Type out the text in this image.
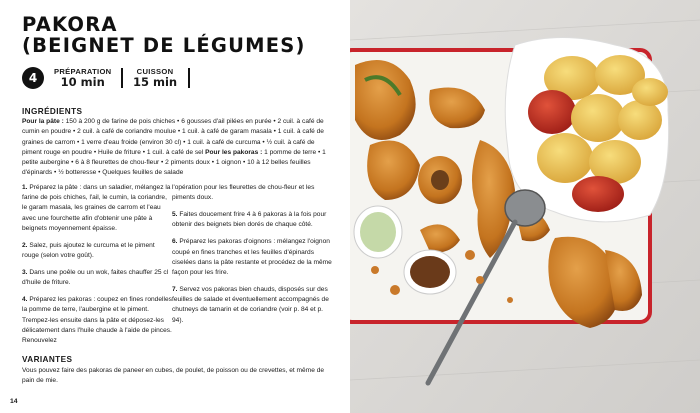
PAKORA
(BEIGNET DE LÉGUMES)
4 PRÉPARATION
10 min
CUISSON
15 min
INGRÉDIENTS
Pour la pâte : 150 à 200 g de farine de pois chiches • 6 gousses d'ail pilées en purée • 2 cuil. à café de cumin en poudre • 2 cuil. à café de coriandre moulue • 1 cuil. à café de garam masala • 1 cuil. à café de graines de carrom • 1 verre d'eau froide (environ 30 cl) • 1 cuil. à café de curcuma • ½ cuil. à café de piment rouge en poudre • Huile de friture • 1 cuil. à café de sel Pour les pakoras : 1 pomme de terre • 1 petite aubergine • 6 à 8 fleurettes de chou-fleur • 2 piments doux • 1 oignon • 10 à 12 belles feuilles d'épinards • ½ botteresse • Quelques feuilles de salade
1. Préparez la pâte : dans un saladier, mélangez la farine de pois chiches, l'ail, le cumin, la coriandre, le garam masala, les graines de carrom et l'eau avec une fourchette afin d'obtenir une pâte à beignets moyennement épaisse.
2. Salez, puis ajoutez le curcuma et le piment rouge (selon votre goût).
3. Dans une poêle ou un wok, faites chauffer 25 cl d'huile de friture.
4. Préparez les pakoras : coupez en fines rondelles la pomme de terre, l'aubergine et le piment. Trempez-les ensuite dans la pâte et déposez-les délicatement dans l'huile chaude à l'aide de pinces. Renouvelez
l'opération pour les fleurettes de chou-fleur et les piments doux.
5. Faites doucement frire 4 à 6 pakoras à la fois pour obtenir des beignets bien dorés de chaque côté.
6. Préparez les pakoras d'oignons : mélangez l'oignon coupé en fines tranches et les feuilles d'épinards ciselées dans la pâte restante et procédez de la même façon pour les frire.
7. Servez vos pakoras bien chauds, disposés sur des feuilles de salade et éventuellement accompagnés de chutneys de tamarin et de coriandre (voir p. 84 et p. 94).
VARIANTES
Vous pouvez faire des pakoras de paneer en cubes, de poulet, de poisson ou de crevettes, et même de pain de mie.
14
